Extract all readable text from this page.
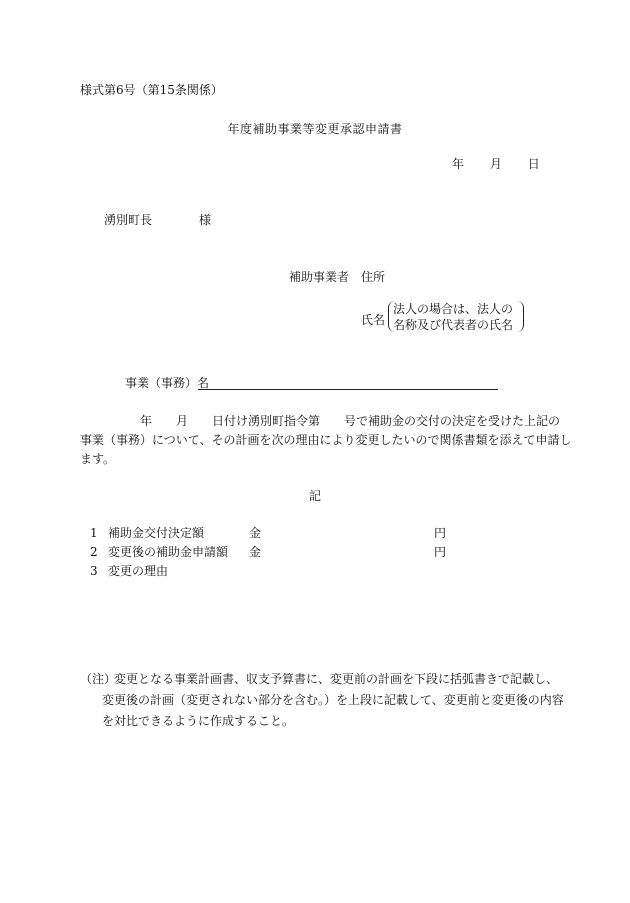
様式第6号（第15条関係）
年度補助事業等変更承認申請書
年 月 日
湧別町長	様
補助事業者 住所
氏名
法人の場合は、法人の
名称及び代表者の氏名
事業（事務）名
　　　　　年　　月　　日付け湧別町指令第　　号で補助金の交付の決定を受けた上記の
事業（事務）について、その計画を次の理由により変更したいので関係書類を添えて申請し
ます。
記
1 補助金交付決定額	金	円
2 変更後の補助金申請額 金	円
3 変更の理由
（注）変更となる事業計画書、収支予算書に、変更前の計画を下段に括弧書きで記載し、
変更後の計画（変更されない部分を含む。）を上段に記載して、変更前と変更後の内容
を対比できるように作成すること。
